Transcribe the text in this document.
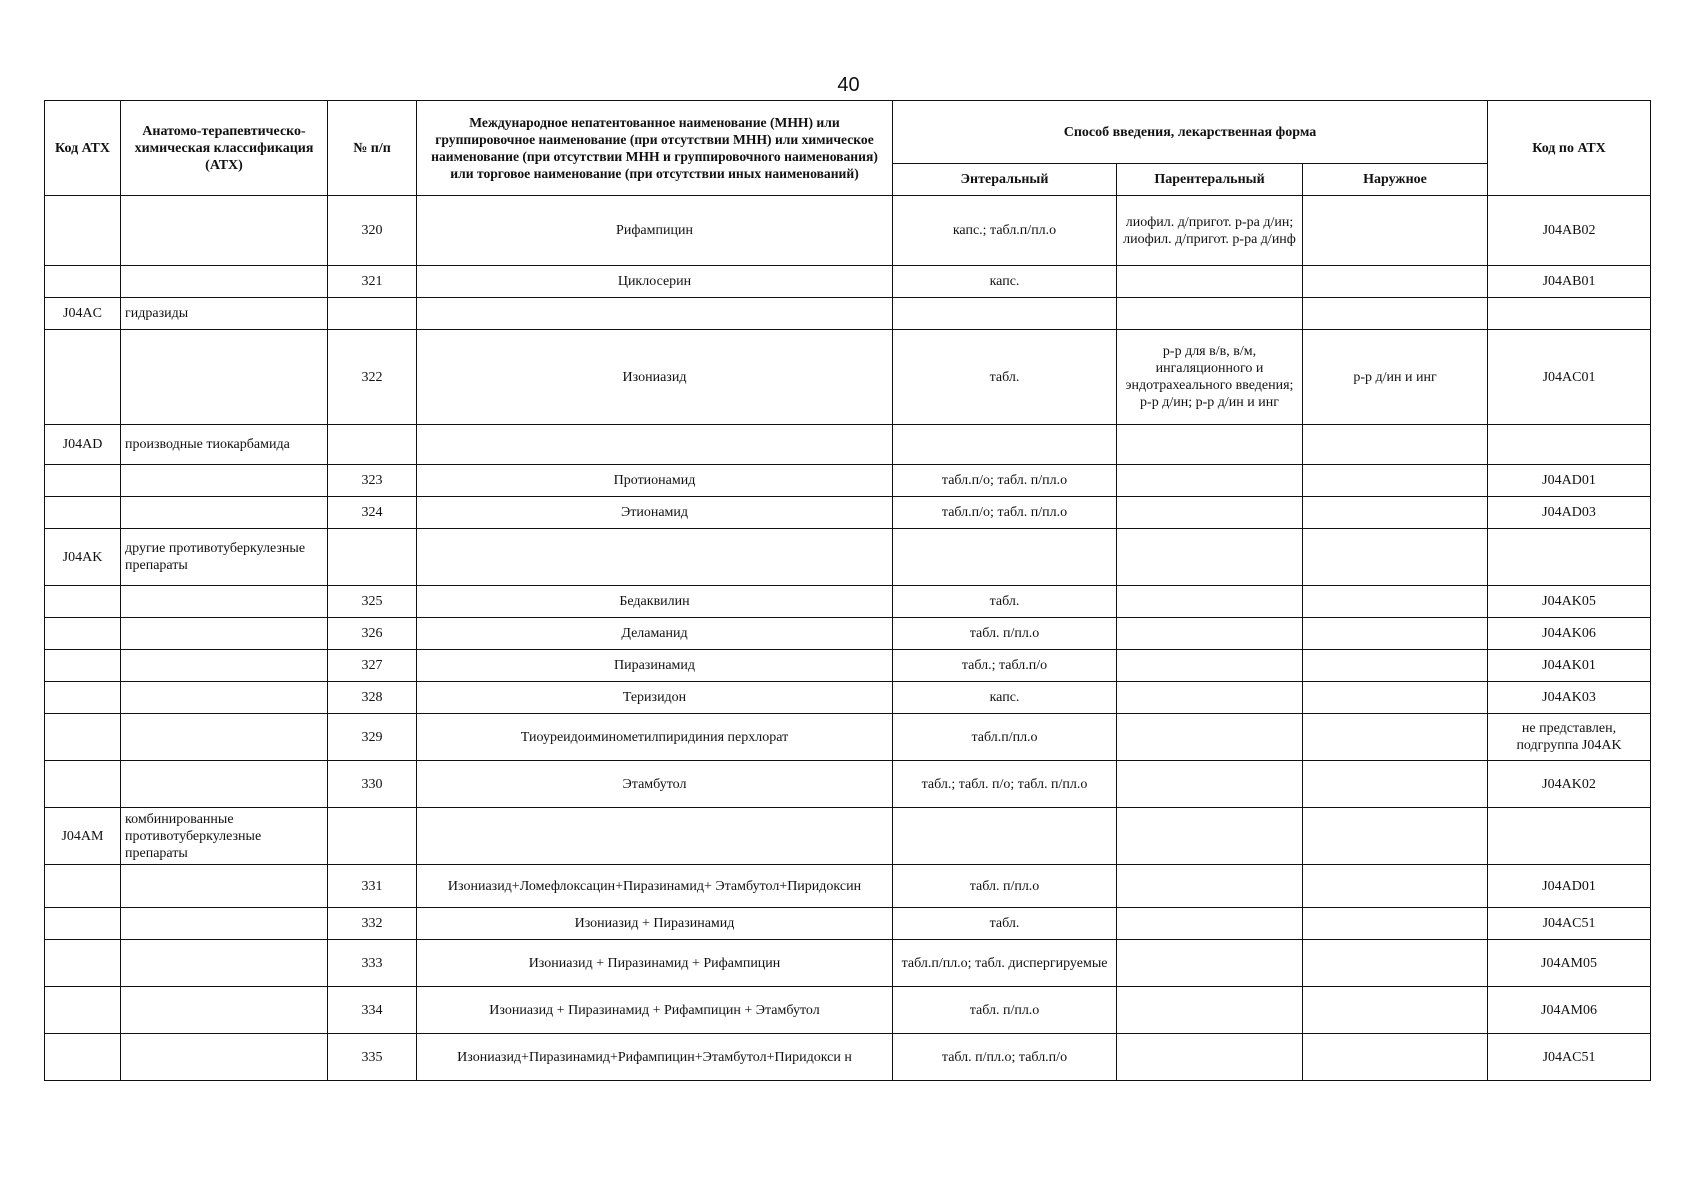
40
Код АТХ	Анатомо-терапевтическо-химическая классификация (АТХ)	№ п/п	Международное непатентованное наименование (МНН) или группировочное наименование (при отсутствии МНН) или химическое наименование (при отсутствии МНН и группировочного наименования) или торговое наименование (при отсутствии иных наименований)	Способ введения, лекарственная форма			Код по АТХ
				Энтеральный	Парентеральный	Наружное	
		320	Рифампицин	капс.; табл.п/пл.о	лиофил. д/пригот. р-ра д/ин; лиофил. д/пригот. р-ра д/инф		J04AB02
		321	Циклосерин	капс.			J04AB01
J04AC	гидразиды						
		322	Изониазид	табл.	р-р для в/в, в/м, ингаляционного и эндотрахеального введения; р-р д/ин; р-р д/ин и инг	р-р д/ин и инг	J04AC01
J04AD	производные тиокарбамида						
		323	Протионамид	табл.п/о; табл. п/пл.о			J04AD01
		324	Этионамид	табл.п/о; табл. п/пл.о			J04AD03
J04AK	другие противотуберкулезные препараты						
		325	Бедаквилин	табл.			J04AK05
		326	Деламанид	табл. п/пл.о			J04AK06
		327	Пиразинамид	табл.; табл.п/о			J04AK01
		328	Теризидон	капс.			J04AK03
		329	Тиоуреидоиминометилпиридиния перхлорат	табл.п/пл.о			не представлен, подгруппа J04AK
		330	Этамбутол	табл.; табл. п/о; табл. п/пл.о			J04AK02
J04AM	комбинированные противотуберкулезные препараты						
		331	Изониазид+Ломефлоксацин+Пиразинамид+ Этамбутол+Пиридоксин	табл. п/пл.о			J04AD01
		332	Изониазид + Пиразинамид	табл.			J04AC51
		333	Изониазид + Пиразинамид + Рифампицин	табл.п/пл.о; табл. диспергируемые			J04AM05
		334	Изониазид + Пиразинамид + Рифампицин + Этамбутол	табл. п/пл.о			J04AM06
		335	Изониазид+Пиразинамид+Рифампицин+Этамбутол+Пиридокси н	табл. п/пл.о; табл.п/о			J04AC51
